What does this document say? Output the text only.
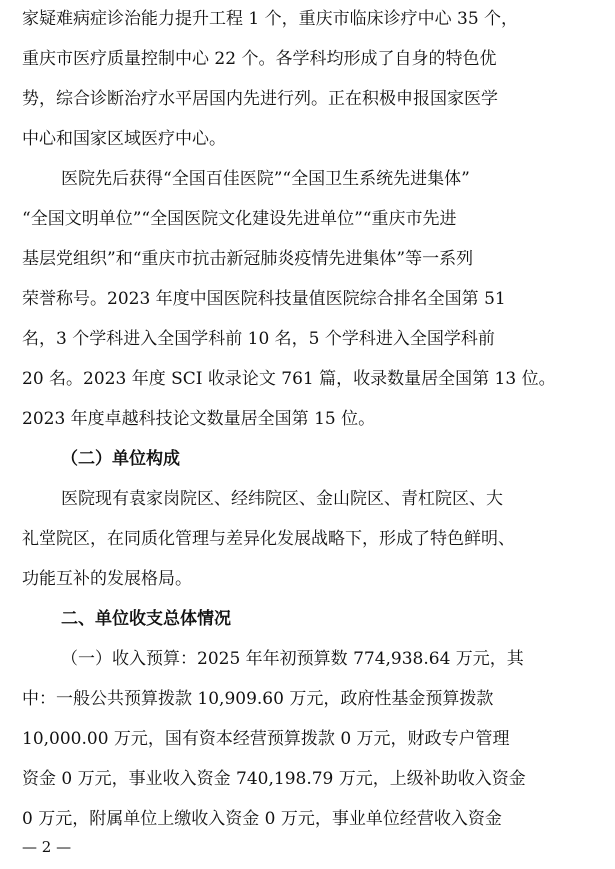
家疑难病症诊治能力提升工程 1 个，重庆市临床诊疗中心 35 个，
重庆市医疗质量控制中心 22 个。各学科均形成了自身的特色优
势，综合诊断治疗水平居国内先进行列。正在积极申报国家医学
中心和国家区域医疗中心。
医院先后获得“全国百佳医院”“全国卫生系统先进集体”
“全国文明单位”“全国医院文化建设先进单位”“重庆市先进
基层党组织”和“重庆市抗击新冠肺炎疫情先进集体”等一系列
荣誉称号。2023 年度中国医院科技量值医院综合排名全国第 51
名，3 个学科进入全国学科前 10 名，5 个学科进入全国学科前
20 名。2023 年度 SCI 收录论文 761 篇，收录数量居全国第 13 位。
2023 年度卓越科技论文数量居全国第 15 位。
（二）单位构成
医院现有袁家岗院区、经纬院区、金山院区、青杠院区、大
礼堂院区，在同质化管理与差异化发展战略下，形成了特色鲜明、
功能互补的发展格局。
二、单位收支总体情况
（一）收入预算：2025 年年初预算数 774,938.64 万元，其
中：一般公共预算拨款 10,909.60 万元，政府性基金预算拨款
10,000.00 万元，国有资本经营预算拨款 0 万元，财政专户管理
资金 0 万元，事业收入资金 740,198.79 万元，上级补助收入资金
0 万元，附属单位上缴收入资金 0 万元，事业单位经营收入资金
— 2 —
